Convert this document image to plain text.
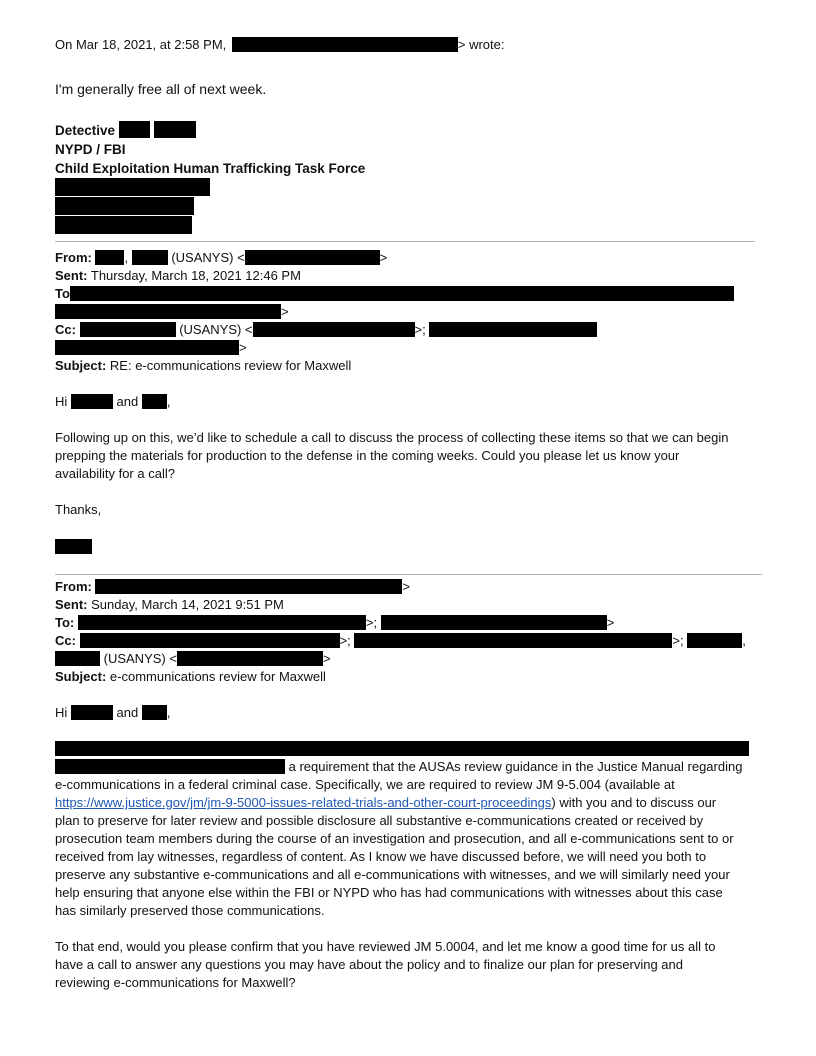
On Mar 18, 2021, at 2:58 PM,	> wrote:
I'm generally free all of next week.
Detective
NYPD / FBI
Child Exploitation Human Trafficking Task Force
From:	,	(USANYS) <	>
Sent: Thursday, March 18, 2021 12:46 PM
To
>
Cc:	(USANYS) <	>;
>
Subject: RE: e-communications review for Maxwell
Hi	and ,
Following up on this, we’d like to schedule a call to discuss the process of collecting these items so that we can begin
prepping the materials for production to the defense in the coming weeks. Could you please let us know your
availability for a call?
Thanks,
From:	>
Sent: Sunday, March 14, 2021 9:51 PM
To:	>;	>
Cc:	>;	>;	,
(USANYS) <	>
Subject: e-communications review for Maxwell
Hi	and ,
a requirement that the AUSAs review guidance in the Justice Manual regarding
e-communications in a federal criminal case. Specifically, we are required to review JM 9-5.004 (available at
https://www.justice.gov/jm/jm-9-5000-issues-related-trials-and-other-court-proceedings) with you and to discuss our
plan to preserve for later review and possible disclosure all substantive e-communications created or received by
prosecution team members during the course of an investigation and prosecution, and all e-communications sent to or
received from lay witnesses, regardless of content. As I know we have discussed before, we will need you both to
preserve any substantive e-communications and all e-communications with witnesses, and we will similarly need your
help ensuring that anyone else within the FBI or NYPD who has had communications with witnesses about this case
has similarly preserved those communications.
To that end, would you please confirm that you have reviewed JM 5.0004, and let me know a good time for us all to
have a call to answer any questions you may have about the policy and to finalize our plan for preserving and
reviewing e-communications for Maxwell?
